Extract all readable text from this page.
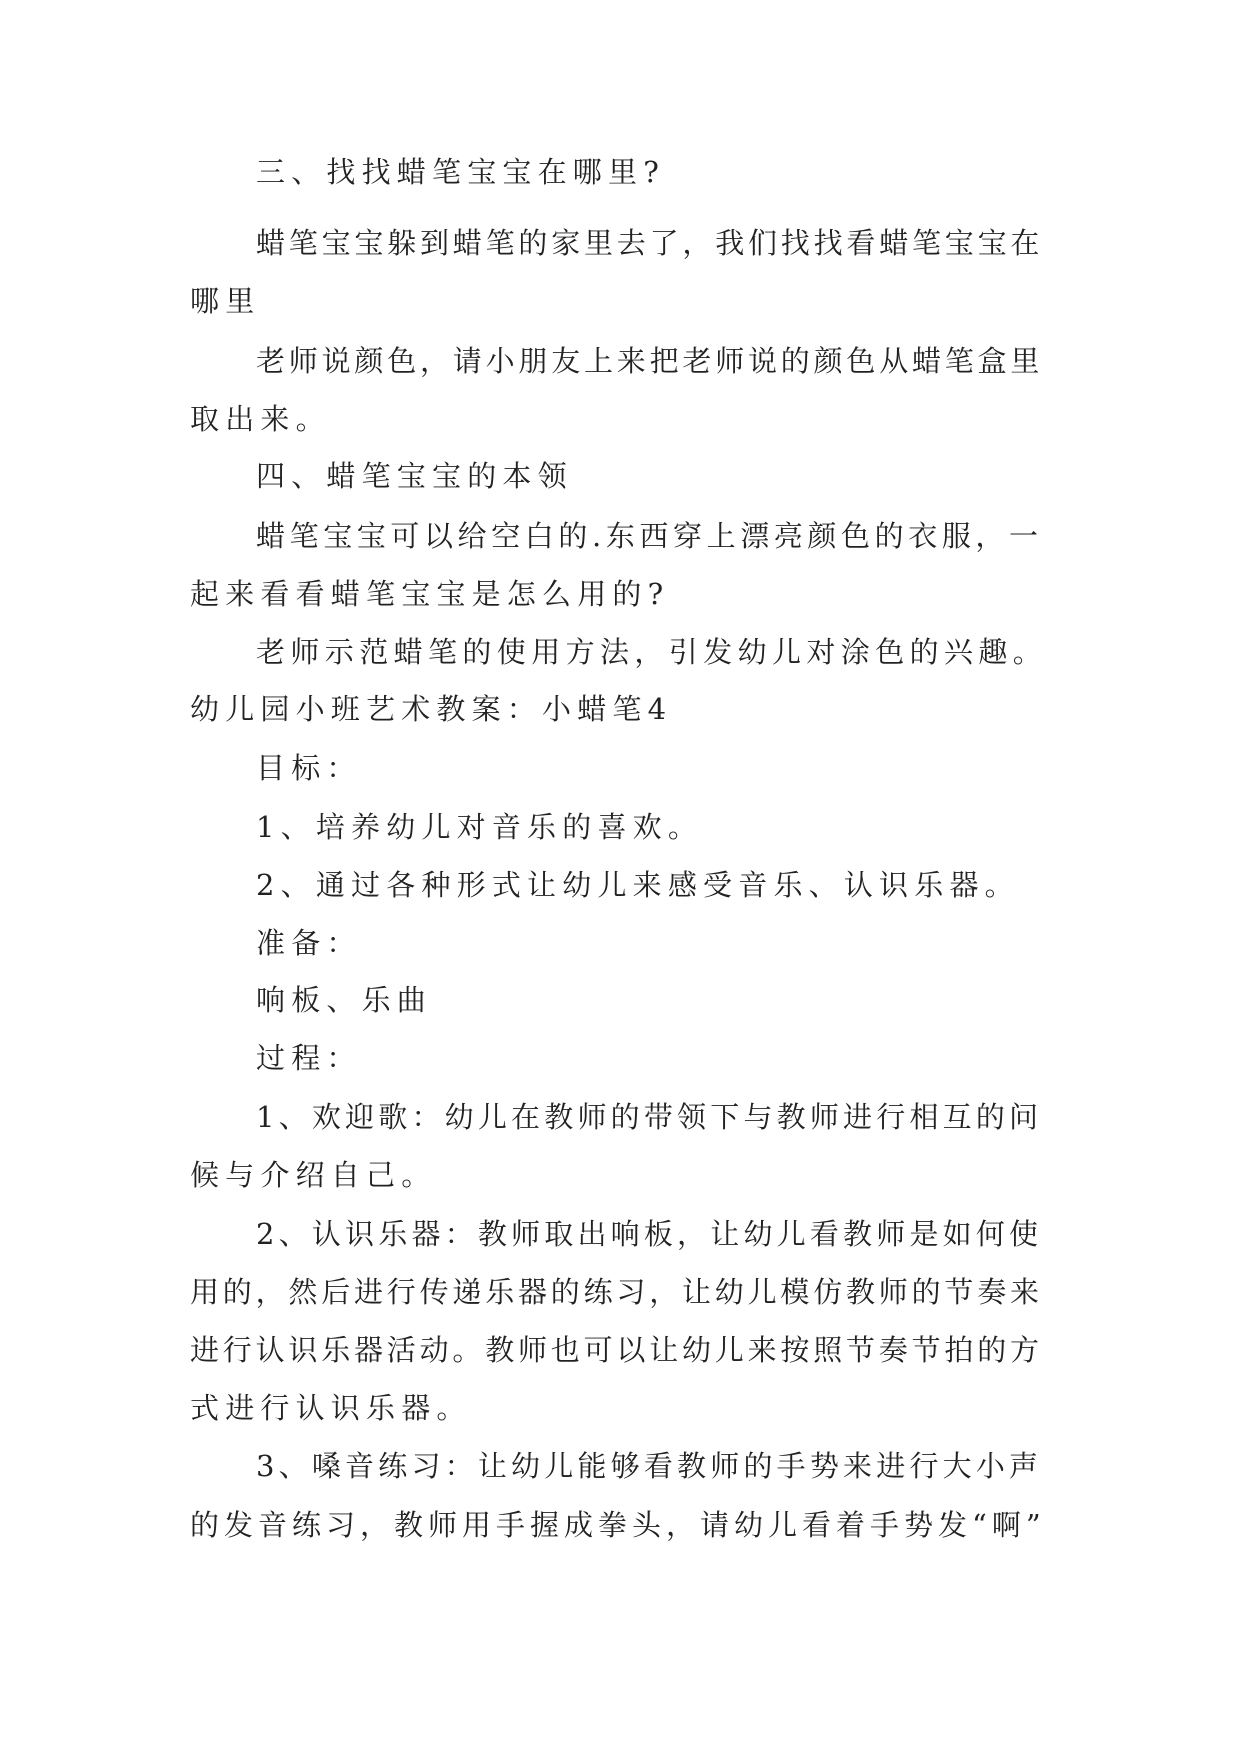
三、找找蜡笔宝宝在哪里?
蜡笔宝宝躲到蜡笔的家里去了，我们找找看蜡笔宝宝在
哪里
老师说颜色，请小朋友上来把老师说的颜色从蜡笔盒里
取出来。
四、蜡笔宝宝的本领
蜡笔宝宝可以给空白的.东西穿上漂亮颜色的衣服，一
起来看看蜡笔宝宝是怎么用的?
老师示范蜡笔的使用方法，引发幼儿对涂色的兴趣。
幼儿园小班艺术教案：小蜡笔4
目标：
1、培养幼儿对音乐的喜欢。
2、通过各种形式让幼儿来感受音乐、认识乐器。
准备：
响板、乐曲
过程：
1、欢迎歌：幼儿在教师的带领下与教师进行相互的问
候与介绍自己。
2、认识乐器：教师取出响板，让幼儿看教师是如何使
用的，然后进行传递乐器的练习，让幼儿模仿教师的节奏来
进行认识乐器活动。教师也可以让幼儿来按照节奏节拍的方
式进行认识乐器。
3、嗓音练习：让幼儿能够看教师的手势来进行大小声
的发音练习，教师用手握成拳头，请幼儿看着手势发“啊”
